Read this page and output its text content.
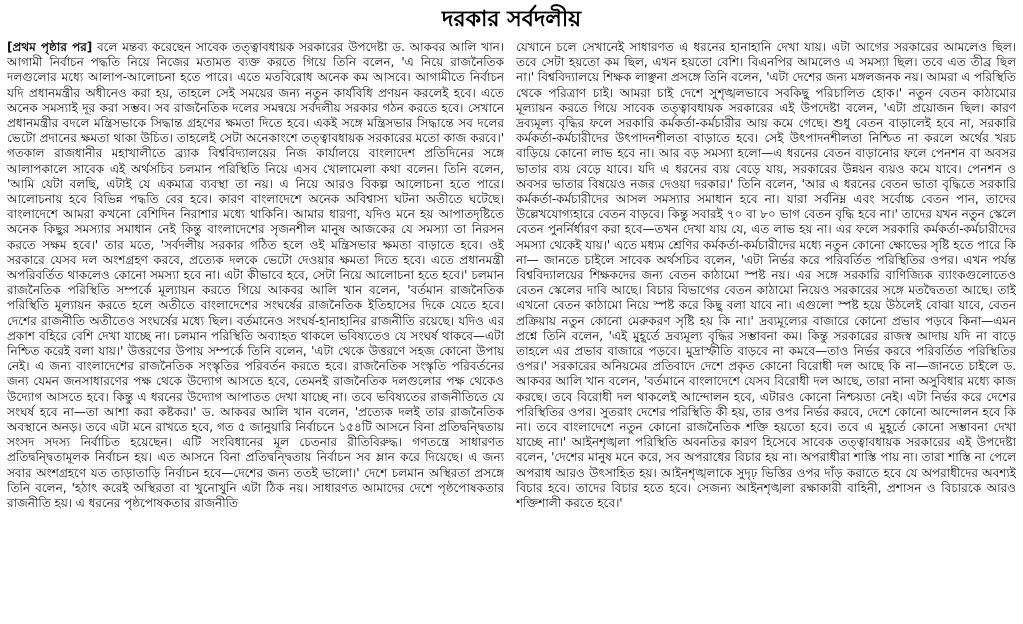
দরকার সর্বদলীয়

[প্রথম পৃষ্ঠার পর] বলে মন্তব্য করেছেন সাবেক তত্ত্বাবধায়ক সরকারের উপদেষ্টা ড. আকবর আলি খান। আগামী নির্বাচন পদ্ধতি নিয়ে নিজের মতামত ব্যক্ত করতে গিয়ে তিনি বলেন, 'এ নিয়ে রাজনৈতিক দলগুলোর মধ্যে আলাপ-আলোচনা হতে পারে। এতে মতবিরোধ অনেক কম আসবে। আগামীতে নির্বাচন যদি প্রধানমন্ত্রীর অধীনেও করা হয়, তাহলে সেই সময়ের জন্য নতুন কার্যবিধি প্রণয়ন করলেই হবে। এতে অনেক সমস্যাই দূর করা সম্ভব। সব রাজনৈতিক দলের সমন্বয়ে সর্বদলীয় সরকার গঠন করতে হবে। সেখানে প্রধানমন্ত্রীর বদলে মন্ত্রিসভাকে সিদ্ধান্ত গ্রহণের ক্ষমতা দিতে হবে। একই সঙ্গে মন্ত্রিসভার সিদ্ধান্তে সব দলের ভেটো প্রদানের ক্ষমতা থাকা উচিত। তাহলেই সেটা অনেকাংশে তত্ত্বাবধায়ক সরকারের মতো কাজ করবে।' গতকাল রাজধানীর মহাখালীতে ব্র্যাক বিশ্ববিদ্যালয়ের নিজ কার্যালয়ে বাংলাদেশ প্রতিদিনের সঙ্গে আলাপকালে সাবেক এই অর্থসচিব চলমান পরিস্থিতি নিয়ে এসব খোলামেলা কথা বলেন। তিনি বলেন, 'আমি যেটা বলছি, এটাই যে একমাত্র ব্যবস্থা তা নয়। এ নিয়ে আরও বিকল্প আলোচনা হতে পারে। আলোচনায় হবে বিভিন্ন পদ্ধতি বের হবে। কারণ বাংলাদেশে অনেক অবিশ্বাস্য ঘটনা অতীতে ঘটেছে। বাংলাদেশে আমরা কখনো বেশিদিন নিরাশার মধ্যে থাকিনি। আমার ধারণা, যদিও মনে হয় আপাতদৃষ্টিতে অনেক কিছুর সমস্যার সমাধান নেই কিন্তু বাংলাদেশের সৃজনশীল মানুষ আজকের যে সমস্যা তা নিরসন করতে সক্ষম হবে।' তার মতে, 'সর্বদলীয় সরকার গঠিত হলে ওই মন্ত্রিসভার ক্ষমতা বাড়াতে হবে। ওই সরকারে যেসব দল অংশগ্রহণ করবে, প্রত্যেক দলকে ভেটো দেওয়ার ক্ষমতা দিতে হবে। এতে প্রধানমন্ত্রী অপরিবর্তিত থাকলেও কোনো সমস্যা হবে না। এটা কীভাবে হবে, সেটা নিয়ে আলোচনা হতে হবে।' চলমান রাজনৈতিক পরিস্থিতি সম্পর্কে মূল্যায়ন করতে গিয়ে আকবর আলি খান বলেন, 'বর্তমান রাজনৈতিক পরিস্থিতি মূল্যায়ন করতে হলে অতীতে বাংলাদেশের সংঘর্ষের রাজনৈতিক ইতিহাসের দিকে যেতে হবে। দেশের রাজনীতি অতীতেও সংঘর্ষের মধ্যে ছিল। বর্তমানেও সংঘর্ষ-হানাহানির রাজনীতি রয়েছে। যদিও এর প্রকাশ বহিরে বেশি দেখা যাচ্ছে না। চলমান পরিস্থিতি অব্যাহত থাকলে ভবিষ্যতেও যে সংঘর্ষ থাকবে—এটা নিশ্চিত করেই বলা যায়।' উত্তরণের উপায় সম্পর্কে তিনি বলেন, 'এটা থেকে উত্তরণে সহজ কোনো উপায় নেই। এ জন্য বাংলাদেশের রাজনৈতিক সংস্কৃতির পরিবর্তন করতে হবে। রাজনৈতিক সংস্কৃতি পরিবর্তনের জন্য যেমন জনসাধারণের পক্ষ থেকে উদ্যোগ আসতে হবে, তেমনই রাজনৈতিক দলগুলোর পক্ষ থেকেও উদ্যোগ আসতে হবে। কিন্তু এ ধরনের উদ্যোগ আপাতত দেখা যাচ্ছে না। তবে ভবিষ্যতের রাজনীতিতে যে সংঘর্ষ হবে না—তা আশা করা কষ্টকর।' ড. আকবর আলি খান বলেন, 'প্রত্যেক দলই তার রাজনৈতিক অবস্থানে অনড়। তবে এটা মনে রাখতে হবে, গত ৫ জানুয়ারি নির্বাচনে ১৫৪টি আসনে বিনা প্রতিদ্বন্দ্বিতায় সংসদ সদস্য নির্বাচিত হয়েছেন। এটি সংবিধানের মূল চেতনার রীতিবিরুদ্ধ। গণতন্ত্রে সাধারণত প্রতিদ্বন্দ্বিতামূলক নির্বাচন হয়। এত আসনে বিনা প্রতিদ্বন্দ্বিতায় নির্বাচন সব ম্লান করে দিয়েছে। এ জন্য সবার অংশগ্রহণে যত তাড়াতাড়ি নির্বাচন হবে—দেশের জন্য ততই ভালো।' দেশে চলমান অস্থিরতা প্রসঙ্গে তিনি বলেন, 'হঠাৎ করেই অস্থিরতা বা খুনোখুনি এটা ঠিক নয়। সাধারণত আমাদের দেশে পৃষ্ঠপোষকতার রাজনীতি হয়। এ ধরনের পৃষ্ঠপোষকতার রাজনীতি

যেখানে চলে সেখানেই সাধারণত এ ধরনের হানাহানি দেখা যায়। এটা আগের সরকারের আমলেও ছিল। তবে সেটা হয়তো কম ছিল, এখন হয়তো বেশি। বিএনপির আমলেও এ সমস্যা ছিল। তবে এত তীব্র ছিল না।' বিশ্ববিদ্যালয়ে শিক্ষক লাঞ্ছনা প্রসঙ্গে তিনি বলেন, 'এটা দেশের জন্য মঙ্গলজনক নয়। আমরা এ পরিস্থিতি থেকে পরিত্রাণ চাই। আমরা চাই দেশে সুশৃঙ্খলভাবে সবকিছু পরিচালিত হোক।' নতুন বেতন কাঠামোর মূল্যায়ন করতে গিয়ে সাবেক তত্ত্বাবধায়ক সরকারের এই উপদেষ্টা বলেন, 'এটা প্রয়োজন ছিল। কারণ দ্রব্যমূল্য বৃদ্ধির ফলে সরকারি কর্মকর্তা-কর্মচারীর আয় কমে গেছে। শুধু বেতন বাড়ালেই হবে না, সরকারি কর্মকর্তা-কর্মচারীদের উৎপাদনশীলতা বাড়াতে হবে। সেই উৎপাদনশীলতা নিশ্চিত না করলে অর্থের খরচ বাড়িয়ে কোনো লাভ হবে না। আর বড় সমস্যা হলো—এ ধরনের বেতন বাড়ানোর ফলে পেনশন বা অবসর ভাতার ব্যয় বেড়ে যাবে। যদি এ ধরনের ব্যয় বেড়ে যায়, সরকারের উন্নয়ন ব্যয়ও কমে যাবে। পেনশন ও অবসর ভাতার বিষয়েও নজর দেওয়া দরকার।' তিনি বলেন, 'আর এ ধরনের বেতন ভাতা বৃদ্ধিতে সরকারি কর্মকর্তা-কর্মচারীদের আসল সমস্যার সমাধান হবে না। যারা সর্বনিম্ন এবং সর্বোচ্চ বেতন পান, তাদের উল্লেখযোগ্যহারে বেতন বাড়বে। কিন্তু সবারই ৭০ বা ৮০ ভাগ বেতন বৃদ্ধি হবে না।' তাদের যখন নতুন স্কেলে বেতন পুনর্নির্ধারণ করা হবে—তখন দেখা যায় যে, এত লাভ হয় না। এর ফলে সরকারি কর্মকর্তা-কর্মচারীদের সমস্যা থেকেই যায়।' এতে মধ্যম শ্রেণির কর্মকর্তা-কর্মচারীদের মধ্যে নতুন কোনো ক্ষোভের সৃষ্টি হতে পারে কি না— জানতে চাইলে সাবেক অর্থসচিব বলেন, 'এটা নির্ভর করে পরিবর্তিত পরিস্থিতির ওপর। এখন পর্যন্ত বিশ্ববিদ্যালয়ের শিক্ষকদের জন্য বেতন কাঠামো স্পষ্ট নয়। এর সঙ্গে সরকারি বাণিজ্যিক ব্যাংকগুলোতেও বেতন স্কেলের দাবি আছে। বিচার বিভাগের বেতন কাঠামো নিয়েও সরকারের সঙ্গে মতদ্বৈততা আছে। তাই এখনো বেতন কাঠামো নিয়ে স্পষ্ট করে কিছু বলা যাবে না। এগুলো স্পষ্ট হয়ে উঠলেই বোঝা যাবে, বেতন প্রক্রিয়ায় নতুন কোনো মেরুকরণ সৃষ্টি হয় কি না।' দ্রব্যমূল্যের বাজারে কোনো প্রভাব পড়বে কিনা—এমন প্রশ্নে তিনি বলেন, 'এই মুহূর্তে দ্রব্যমূল্য বৃদ্ধির সম্ভাবনা কম। কিন্তু সরকারের রাজস্ব আদায় যদি না বাড়ে তাহলে এর প্রভাব বাজারে পড়বে। মুদ্রাস্ফীতি বাড়বে না কমবে—তাও নির্ভর করবে পরিবর্তিত পরিস্থিতির ওপর।' সরকারের অনিয়মের প্রতিবাদে দেশে প্রকৃত কোনো বিরোধী দল আছে কি না—জানতে চাইলে ড. আকবর আলি খান বলেন, 'বর্তমানে বাংলাদেশে যেসব বিরোধী দল আছে, তারা নানা অসুবিধার মধ্যে কাজ করছে। তবে বিরোধী দল থাকলেই আন্দোলন হবে, এটারও কোনো নিশ্চয়তা নেই। এটা নির্ভর করে দেশের পরিস্থিতির ওপর। সুতরাং দেশের পরিস্থিতি কী হয়, তার ওপর নির্ভর করবে, দেশে কোনো আন্দোলন হবে কি না। তবে বাংলাদেশে নতুন কোনো রাজনৈতিক শক্তি হয়তো হবে। তবে এ মুহূর্তে কোনো সম্ভাবনা দেখা যাচ্ছে না।' আইনশৃঙ্খলা পরিস্থিতি অবনতির কারণ হিসেবে সাবেক তত্ত্বাবধায়ক সরকারের এই উপদেষ্টা বলেন, 'দেশের মানুষ মনে করে, সব অপরাধের বিচার হয় না। অপরাধীরা শাস্তি পায় না। তারা শাস্তি না পেলে অপরাধ আরও উৎসাহিত হয়। আইনশৃঙ্খলাকে সুদৃঢ় ভিত্তির ওপর দাঁড় করাতে হবে যে অপরাধীদের অবশ্যই বিচার হবে। তাদের বিচার হতে হবে। সেজন্য আইনশৃঙ্খলা রক্ষাকারী বাহিনী, প্রশাসন ও বিচারকে আরও শক্তিশালী করতে হবে।'
